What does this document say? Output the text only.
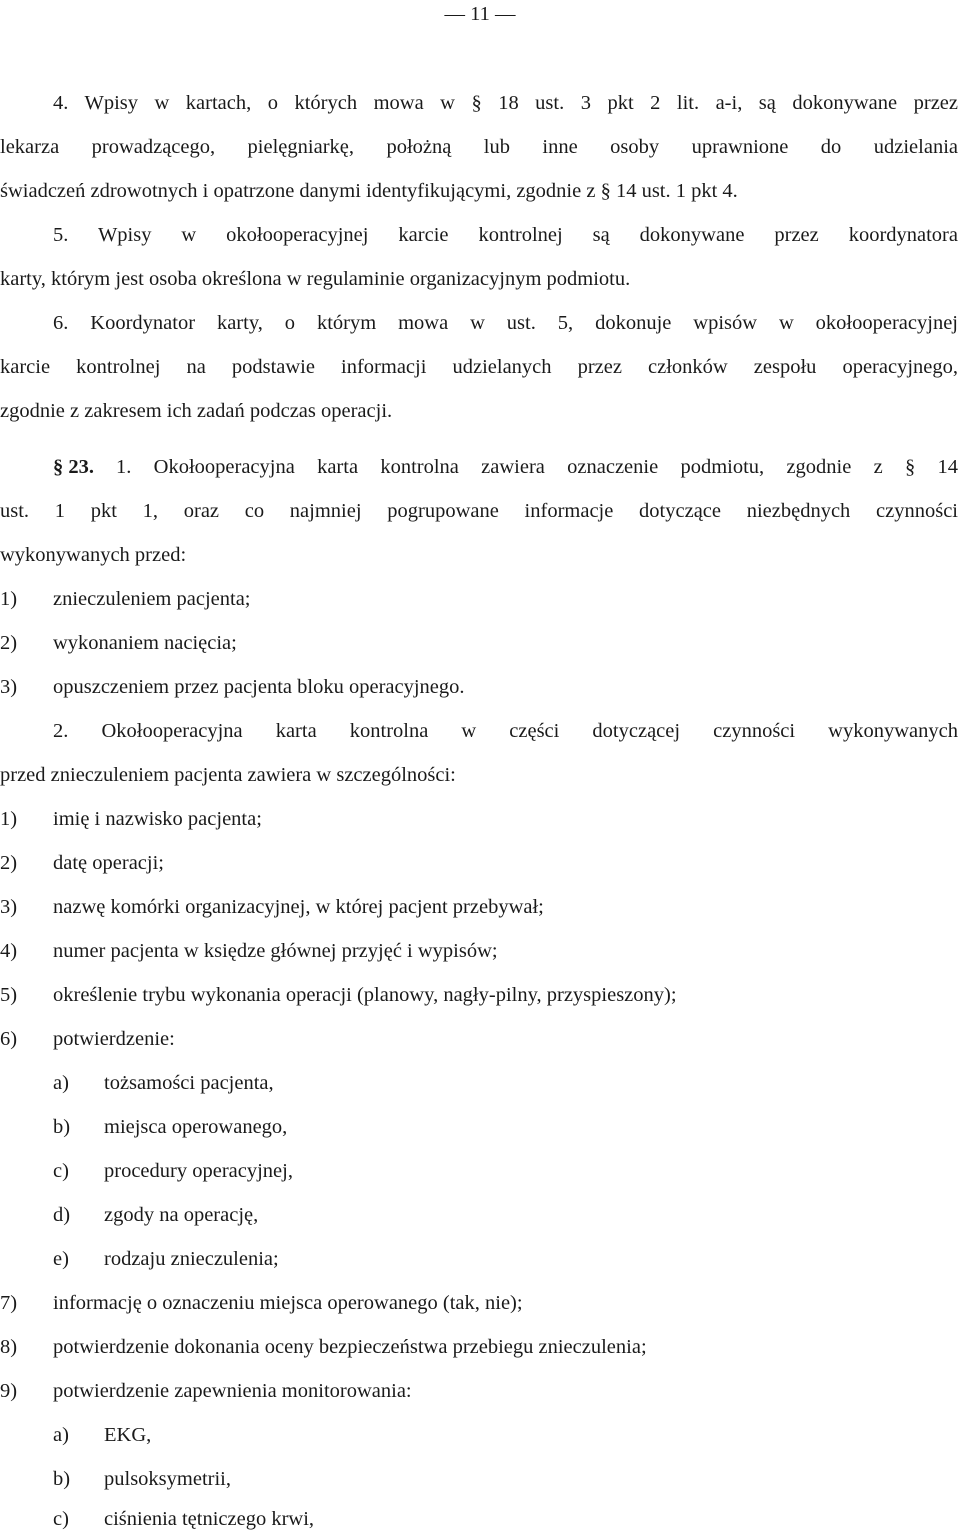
— 11 —
4. Wpisy w kartach, o których mowa w § 18 ust. 3 pkt 2 lit. a-i, są dokonywane przez
lekarza prowadzącego, pielęgniarkę, położną lub inne osoby uprawnione do udzielania
świadczeń zdrowotnych i opatrzone danymi identyfikującymi, zgodnie z § 14 ust. 1 pkt 4.
5. Wpisy w okołooperacyjnej karcie kontrolnej są dokonywane przez koordynatora
karty, którym jest osoba określona w regulaminie organizacyjnym podmiotu.
6. Koordynator karty, o którym mowa w ust. 5, dokonuje wpisów w okołooperacyjnej
karcie kontrolnej na podstawie informacji udzielanych przez członków zespołu operacyjnego,
zgodnie z zakresem ich zadań podczas operacji.
§ 23. 1. Okołooperacyjna karta kontrolna zawiera oznaczenie podmiotu, zgodnie z § 14
ust. 1 pkt 1, oraz co najmniej pogrupowane informacje dotyczące niezbędnych czynności
wykonywanych przed:
1) znieczuleniem pacjenta;
2) wykonaniem nacięcia;
3) opuszczeniem przez pacjenta bloku operacyjnego.
2. Okołooperacyjna karta kontrolna w części dotyczącej czynności wykonywanych
przed znieczuleniem pacjenta zawiera w szczególności:
1) imię i nazwisko pacjenta;
2) datę operacji;
3) nazwę komórki organizacyjnej, w której pacjent przebywał;
4) numer pacjenta w księdze głównej przyjęć i wypisów;
5) określenie trybu wykonania operacji (planowy, nagły-pilny, przyspieszony);
6) potwierdzenie:
a) tożsamości pacjenta,
b) miejsca operowanego,
c) procedury operacyjnej,
d) zgody na operację,
e) rodzaju znieczulenia;
7) informację o oznaczeniu miejsca operowanego (tak, nie);
8) potwierdzenie dokonania oceny bezpieczeństwa przebiegu znieczulenia;
9) potwierdzenie zapewnienia monitorowania:
a) EKG,
b) pulsoksymetrii,
c) ciśnienia tętniczego krwi,
